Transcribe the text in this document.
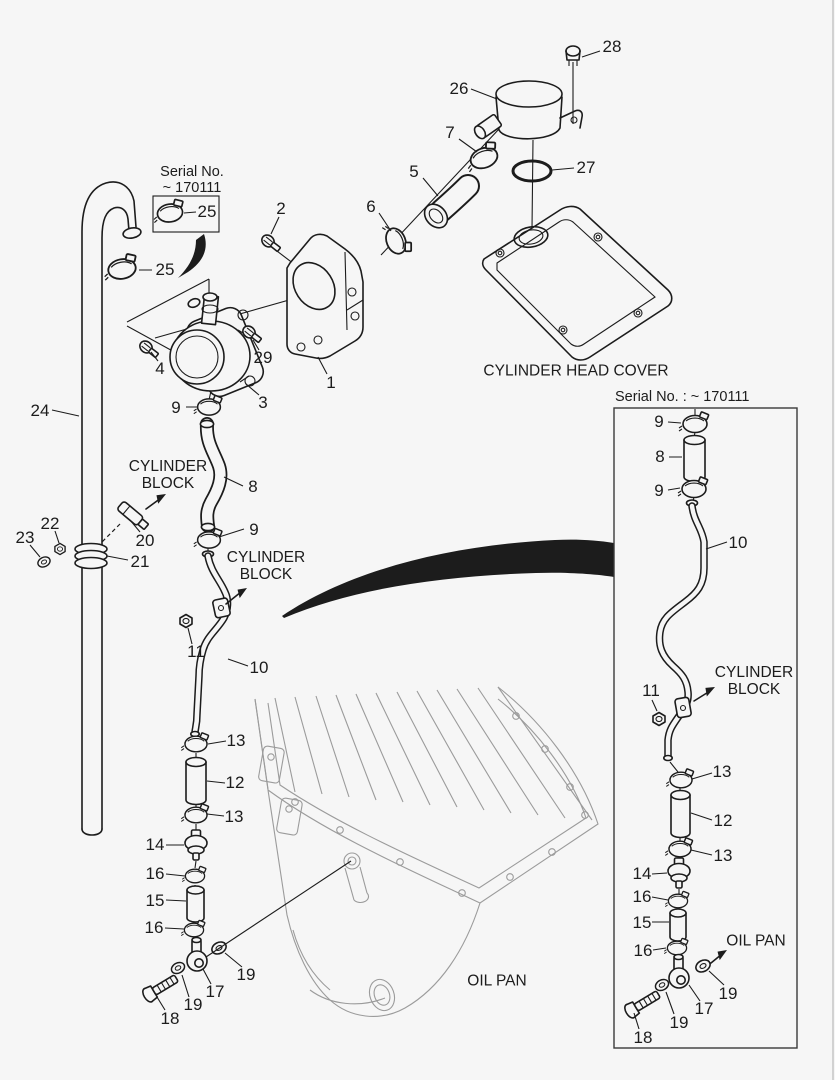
Serial No.
~ 170111
CYLINDER HEAD COVER
CYLINDER
BLOCK
CYLINDER
BLOCK
CYLINDER
BLOCK
OIL PAN
OIL PAN
Serial No. : ~ 170111
28
26
7
5
6
27
2
25
25
4
29
1
3
9
24
8
9
22
23	20
21
11
10
13
12
13
14
16
15
16
19
17
19
18
9
8
9
10
11
13
12
13
14
16
15
16
19
17
19
18
